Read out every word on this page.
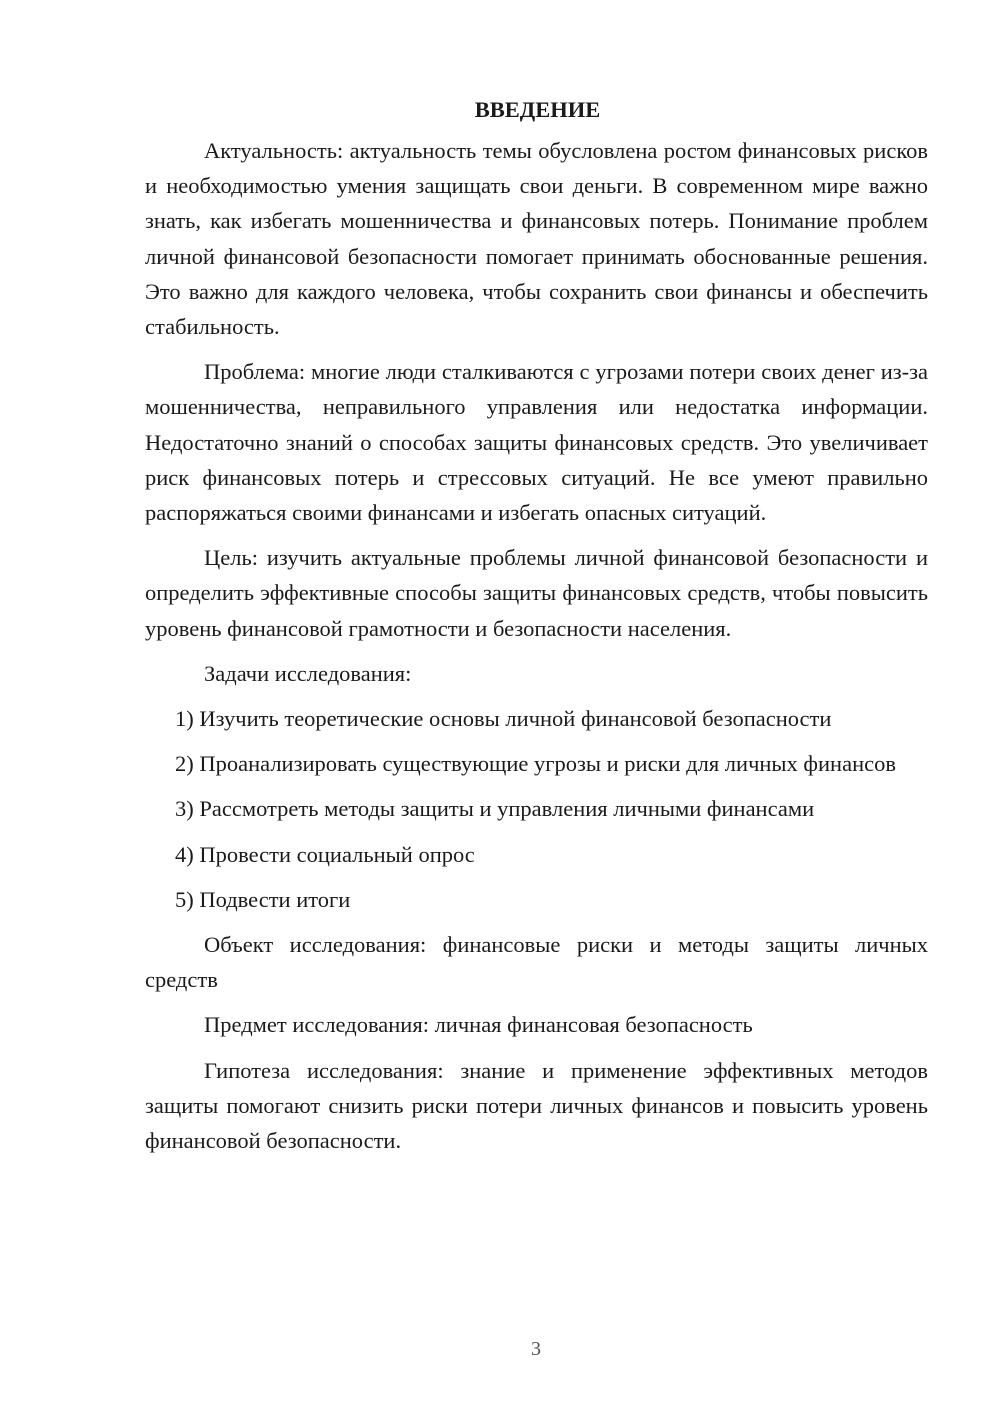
ВВЕДЕНИЕ

Актуальность: актуальность темы обусловлена ростом финансовых рисков и необходимостью умения защищать свои деньги. В современном мире важно знать, как избегать мошенничества и финансовых потерь. Понимание проблем личной финансовой безопасности помогает принимать обоснованные решения. Это важно для каждого человека, чтобы сохранить свои финансы и обеспечить стабильность.

Проблема: многие люди сталкиваются с угрозами потери своих денег из-за мошенничества, неправильного управления или недостатка информации. Недостаточно знаний о способах защиты финансовых средств. Это увеличивает риск финансовых потерь и стрессовых ситуаций. Не все умеют правильно распоряжаться своими финансами и избегать опасных ситуаций.

Цель: изучить актуальные проблемы личной финансовой безопасности и определить эффективные способы защиты финансовых средств, чтобы повысить уровень финансовой грамотности и безопасности населения.

Задачи исследования:

1) Изучить теоретические основы личной финансовой безопасности

2) Проанализировать существующие угрозы и риски для личных финансов

3) Рассмотреть методы защиты и управления личными финансами

4) Провести социальный опрос

5) Подвести итоги

Объект исследования: финансовые риски и методы защиты личных средств

Предмет исследования: личная финансовая безопасность

Гипотеза исследования: знание и применение эффективных методов защиты помогают снизить риски потери личных финансов и повысить уровень финансовой безопасности.

3
